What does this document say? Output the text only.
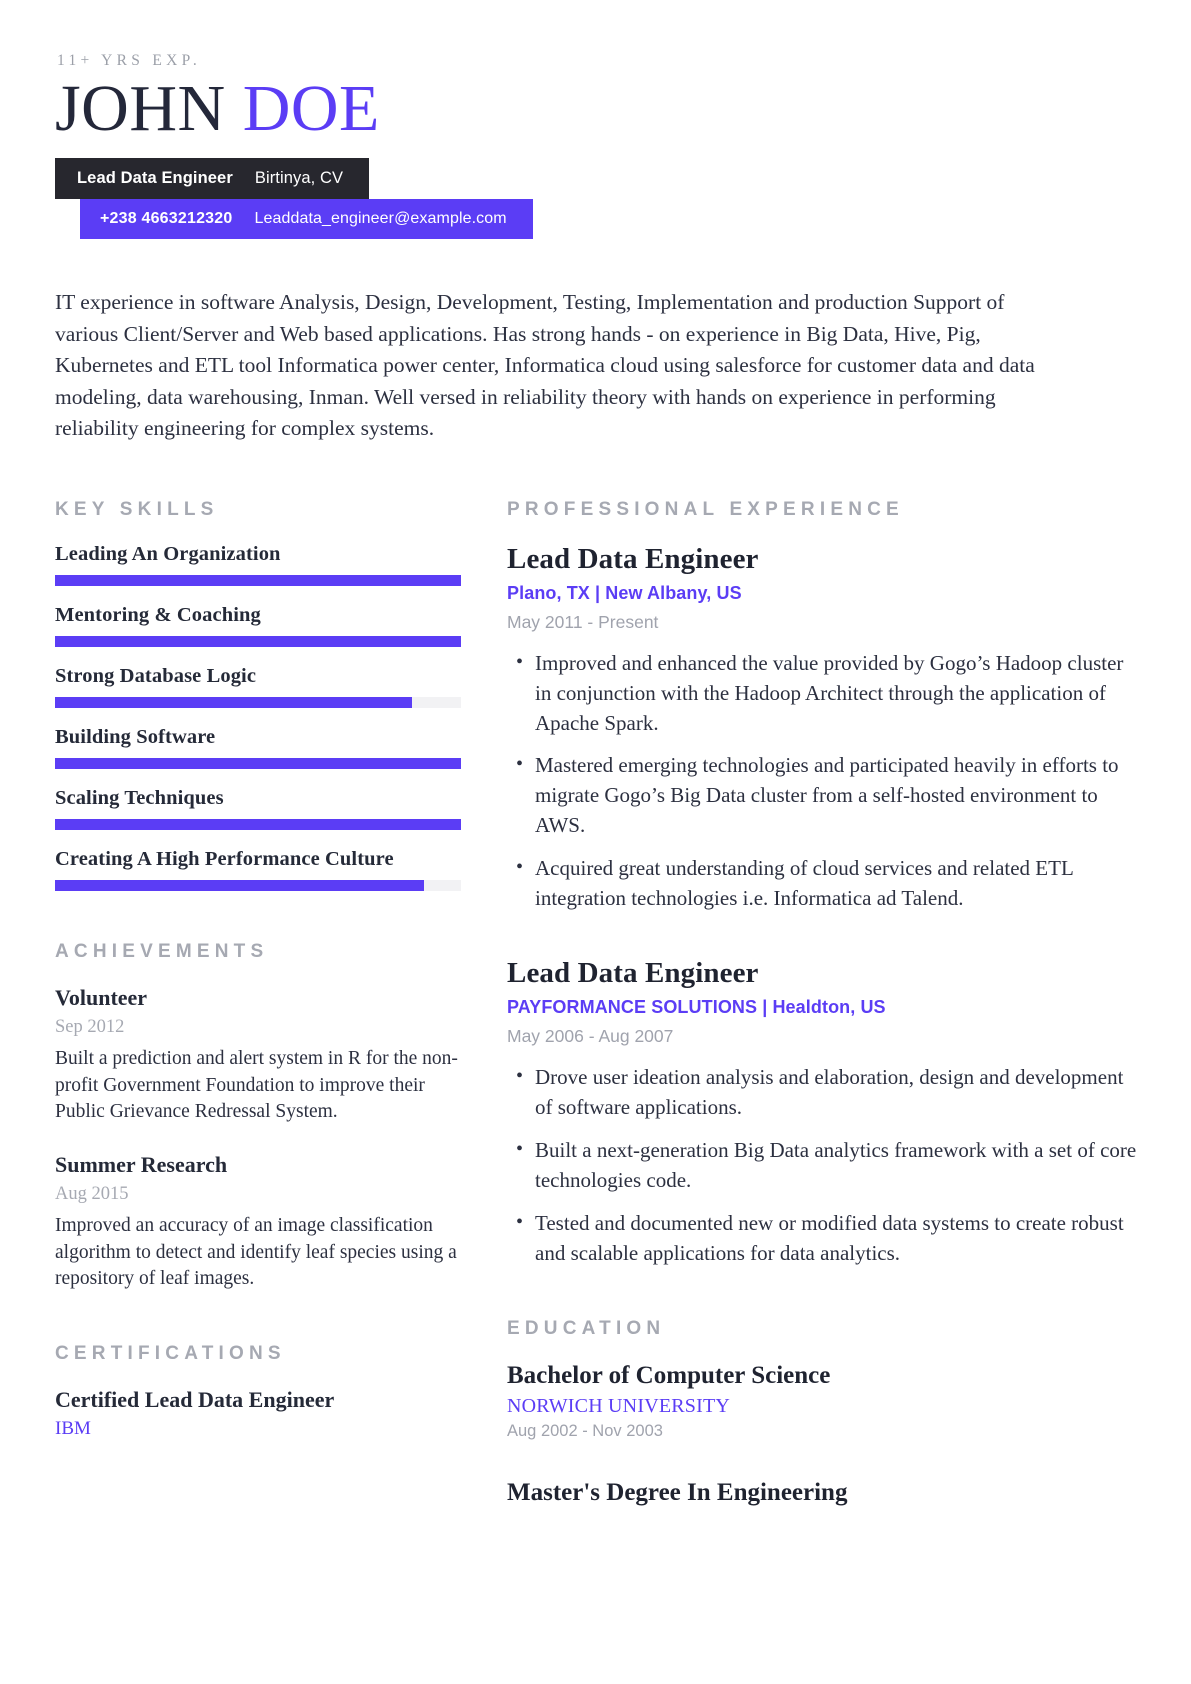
11+ YRS EXP.
JOHN DOE
Lead Data Engineer Birtinya, CV
+238 4663212320 Leaddata_engineer@example.com

IT experience in software Analysis, Design, Development, Testing, Implementation and production Support of various Client/Server and Web based applications. Has strong hands - on experience in Big Data, Hive, Pig, Kubernetes and ETL tool Informatica power center, Informatica cloud using salesforce for customer data and data modeling, data warehousing, Inman. Well versed in reliability theory with hands on experience in performing reliability engineering for complex systems.

KEY SKILLS
Leading An Organization
Mentoring & Coaching
Strong Database Logic
Building Software
Scaling Techniques
Creating A High Performance Culture
ACHIEVEMENTS
Volunteer
Sep 2012
Built a prediction and alert system in R for the non-profit Government Foundation to improve their Public Grievance Redressal System.
Summer Research
Aug 2015
Improved an accuracy of an image classification algorithm to detect and identify leaf species using a repository of leaf images.
CERTIFICATIONS
Certified Lead Data Engineer
IBM
PROFESSIONAL EXPERIENCE
Lead Data Engineer
Plano, TX | New Albany, US
May 2011 - Present
• Improved and enhanced the value provided by Gogo’s Hadoop cluster in conjunction with the Hadoop Architect through the application of Apache Spark.
• Mastered emerging technologies and participated heavily in efforts to migrate Gogo’s Big Data cluster from a self-hosted environment to AWS.
• Acquired great understanding of cloud services and related ETL integration technologies i.e. Informatica ad Talend.
Lead Data Engineer
PAYFORMANCE SOLUTIONS | Healdton, US
May 2006 - Aug 2007
• Drove user ideation analysis and elaboration, design and development of software applications.
• Built a next-generation Big Data analytics framework with a set of core technologies code.
• Tested and documented new or modified data systems to create robust and scalable applications for data analytics.
EDUCATION
Bachelor of Computer Science
NORWICH UNIVERSITY
Aug 2002 - Nov 2003
Master's Degree In Engineering
